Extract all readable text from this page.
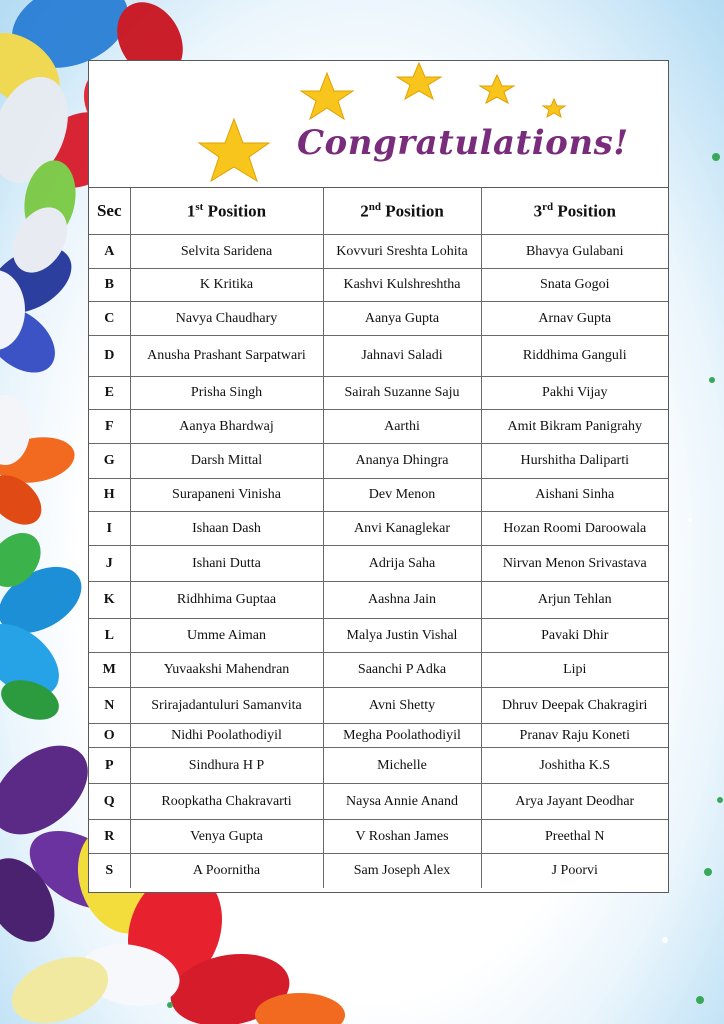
Congratulations!
Sec	1st Position	2nd Position	3rd Position
A	Selvita Saridena	Kovvuri Sreshta Lohita	Bhavya Gulabani
B	K Kritika	Kashvi Kulshreshtha	Snata Gogoi
C	Navya Chaudhary	Aanya Gupta	Arnav Gupta
D	Anusha Prashant Sarpatwari	Jahnavi Saladi	Riddhima Ganguli
E	Prisha Singh	Sairah Suzanne Saju	Pakhi Vijay
F	Aanya Bhardwaj	Aarthi	Amit Bikram Panigrahy
G	Darsh Mittal	Ananya Dhingra	Hurshitha Daliparti
H	Surapaneni Vinisha	Dev Menon	Aishani Sinha
I	Ishaan Dash	Anvi Kanaglekar	Hozan Roomi Daroowala
J	Ishani Dutta	Adrija Saha	Nirvan Menon Srivastava
K	Ridhhima Guptaa	Aashna Jain	Arjun Tehlan
L	Umme Aiman	Malya Justin Vishal	Pavaki Dhir
M	Yuvaakshi Mahendran	Saanchi P Adka	Lipi
N	Srirajadantuluri Samanvita	Avni Shetty	Dhruv Deepak Chakragiri
O	Nidhi Poolathodiyil	Megha Poolathodiyil	Pranav Raju Koneti
P	Sindhura H P	Michelle	Joshitha K.S
Q	Roopkatha Chakravarti	Naysa Annie Anand	Arya Jayant Deodhar
R	Venya Gupta	V Roshan James	Preethal N
S	A Poornitha	Sam Joseph Alex	J Poorvi
